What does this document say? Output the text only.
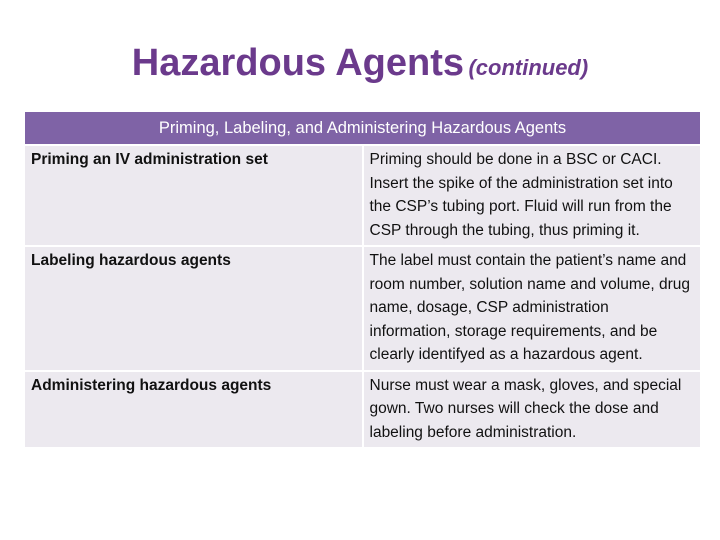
Hazardous Agents (continued)
Priming, Labeling, and Administering Hazardous Agents	
Priming an IV administration set	Priming should be done in a BSC or CACI. Insert the spike of the administration set into the CSP’s tubing port. Fluid will run from the CSP through the tubing, thus priming it.
Labeling hazardous agents	The label must contain the patient’s name and room number, solution name and volume, drug name, dosage, CSP administration information, storage requirements, and be clearly identifyed as a hazardous agent.
Administering hazardous agents	Nurse must wear a mask, gloves, and special gown. Two nurses will check the dose and labeling before administration.
